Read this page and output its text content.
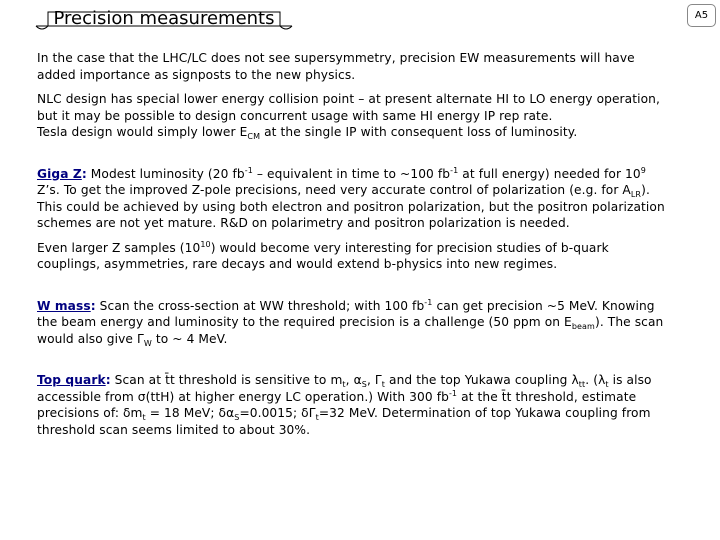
Precision measurements	A5

In the case that the LHC/LC does not see supersymmetry, precision EW measurements will have added importance as signposts to the new physics.

NLC design has special lower energy collision point – at present alternate HI to LO energy operation, but it may be possible to design concurrent usage with same HI energy IP rep rate.
Tesla design would simply lower $E_{CM}$ at the single IP with consequent loss of luminosity.

Giga Z: Modest luminosity (20 $fb^{-1}$ – equivalent in time to ~100 $fb^{-1}$ at full energy) needed for $10^9$ Z’s. To get the improved Z-pole precisions, need very accurate control of polarization (e.g. for $A_{LR}$). This could be achieved by using both electron and positron polarization, but the positron polarization schemes are not yet mature. R&D on polarimetry and positron polarization is needed.

Even larger Z samples $(10^{10})$ would become very interesting for precision studies of b-quark couplings, asymmetries, rare decays and would extend b-physics into new regimes.

W mass: Scan the cross-section at WW threshold; with 100 $fb^{-1}$ can get precision ~5 MeV. Knowing the beam energy and luminosity to the required precision is a challenge (50 ppm on $E_{beam}$). The scan would also give $\Gamma_W$ to ~ 4 MeV.

Top quark: Scan at t̄t threshold is sensitive to $m_t$, $\alpha_S$, $\Gamma_t$ and the top Yukawa coupling $\lambda_{tt}$. ($\lambda_t$ is also accessible from σ(ttH) at higher energy LC operation.) With 300 $fb^{-1}$ at the t̄t threshold, estimate precisions of: $\delta m_t = 18$ MeV; $\delta\alpha_S=0.0015$; $\delta\Gamma_t=32$ MeV. Determination of top Yukawa coupling from threshold scan seems limited to about 30%.
